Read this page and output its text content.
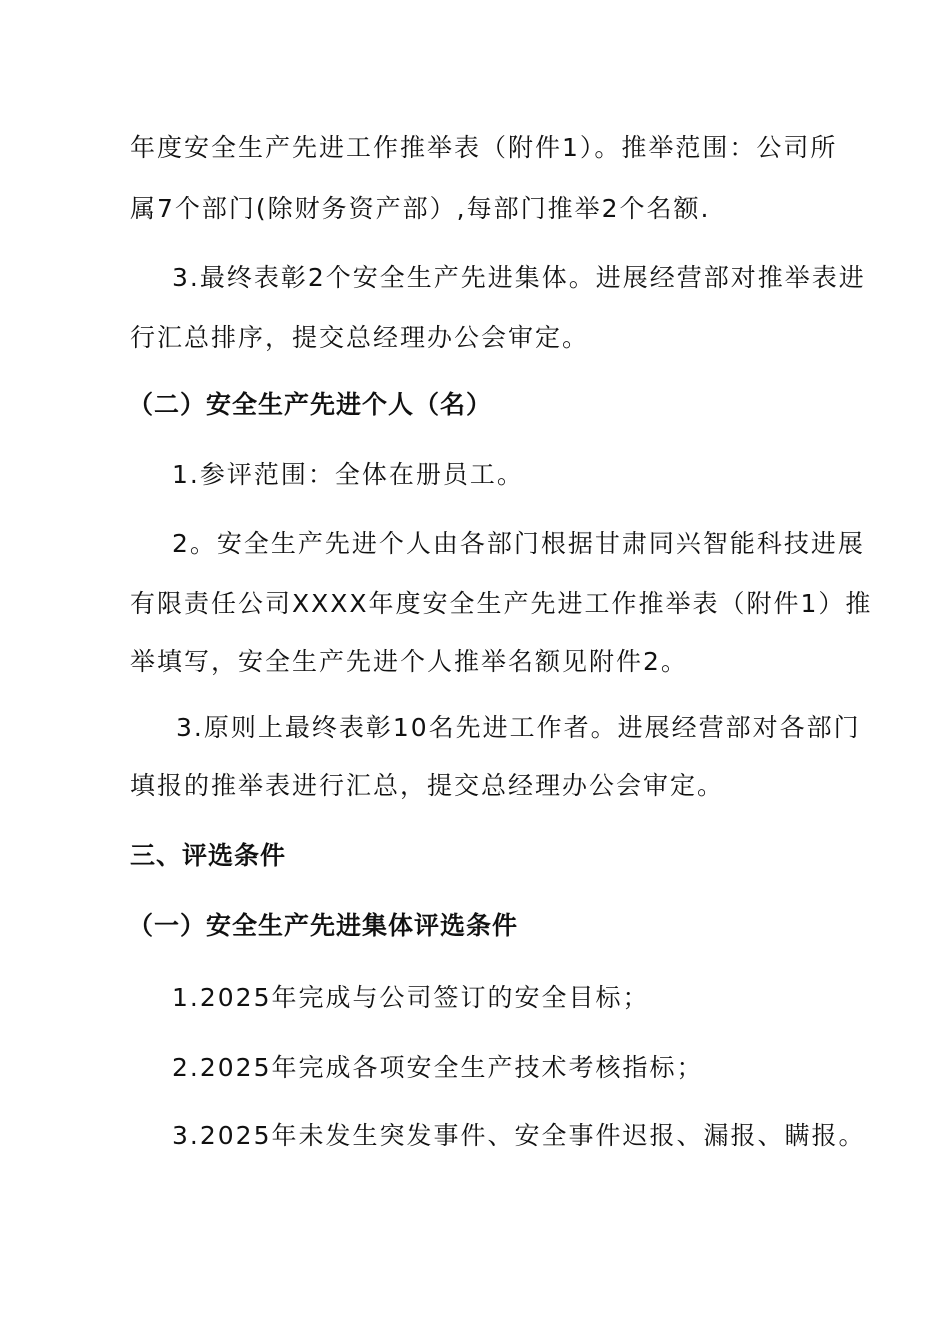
年度安全生产先进工作推举表（附件1）。推举范围：公司所
属7个部门(除财务资产部）,每部门推举2个名额.
3.最终表彰2个安全生产先进集体。进展经营部对推举表进
行汇总排序，提交总经理办公会审定。
（二）安全生产先进个人（名）
1.参评范围：全体在册员工。
2。安全生产先进个人由各部门根据甘肃同兴智能科技进展
有限责任公司XXXX年度安全生产先进工作推举表（附件1）推
举填写，安全生产先进个人推举名额见附件2。
3.原则上最终表彰10名先进工作者。进展经营部对各部门
填报的推举表进行汇总，提交总经理办公会审定。
三、评选条件
（一）安全生产先进集体评选条件
1.2025年完成与公司签订的安全目标；
2.2025年完成各项安全生产技术考核指标；
3.2025年未发生突发事件、安全事件迟报、漏报、瞒报。
